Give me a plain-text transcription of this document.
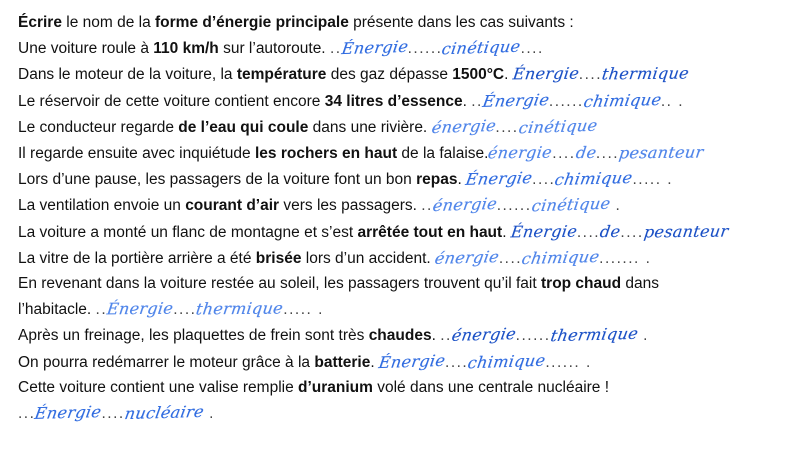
Écrire le nom de la forme d’énergie principale présente dans les cas suivants :
Une voiture roule à 110 km/h sur l’autoroute. ..Énergie......cinétique....
Dans le moteur de la voiture, la température des gaz dépasse 1500°C. Énergie....thermique
Le réservoir de cette voiture contient encore 34 litres d’essence. ..Énergie......chimique.. .
Le conducteur regarde de l’eau qui coule dans une rivière. énergie....cinétique
Il regarde ensuite avec inquiétude les rochers en haut de la falaise.énergie....de....pesanteur
Lors d’une pause, les passagers de la voiture font un bon repas. Énergie....chimique..... .
La ventilation envoie un courant d’air vers les passagers. ..énergie......cinétique .
La voiture a monté un flanc de montagne et s’est arrêtée tout en haut. Énergie....de....pesanteur
La vitre de la portière arrière a été brisée lors d’un accident. énergie....chimique....... .
En revenant dans la voiture restée au soleil, les passagers trouvent qu’il fait trop chaud dans
l’habitacle. ..Énergie....thermique..... .
Après un freinage, les plaquettes de frein sont très chaudes. ..énergie......thermique .
On pourra redémarrer le moteur grâce à la batterie. Énergie....chimique...... .
Cette voiture contient une valise remplie d’uranium volé dans une centrale nucléaire !
...Énergie....nucléaire .
